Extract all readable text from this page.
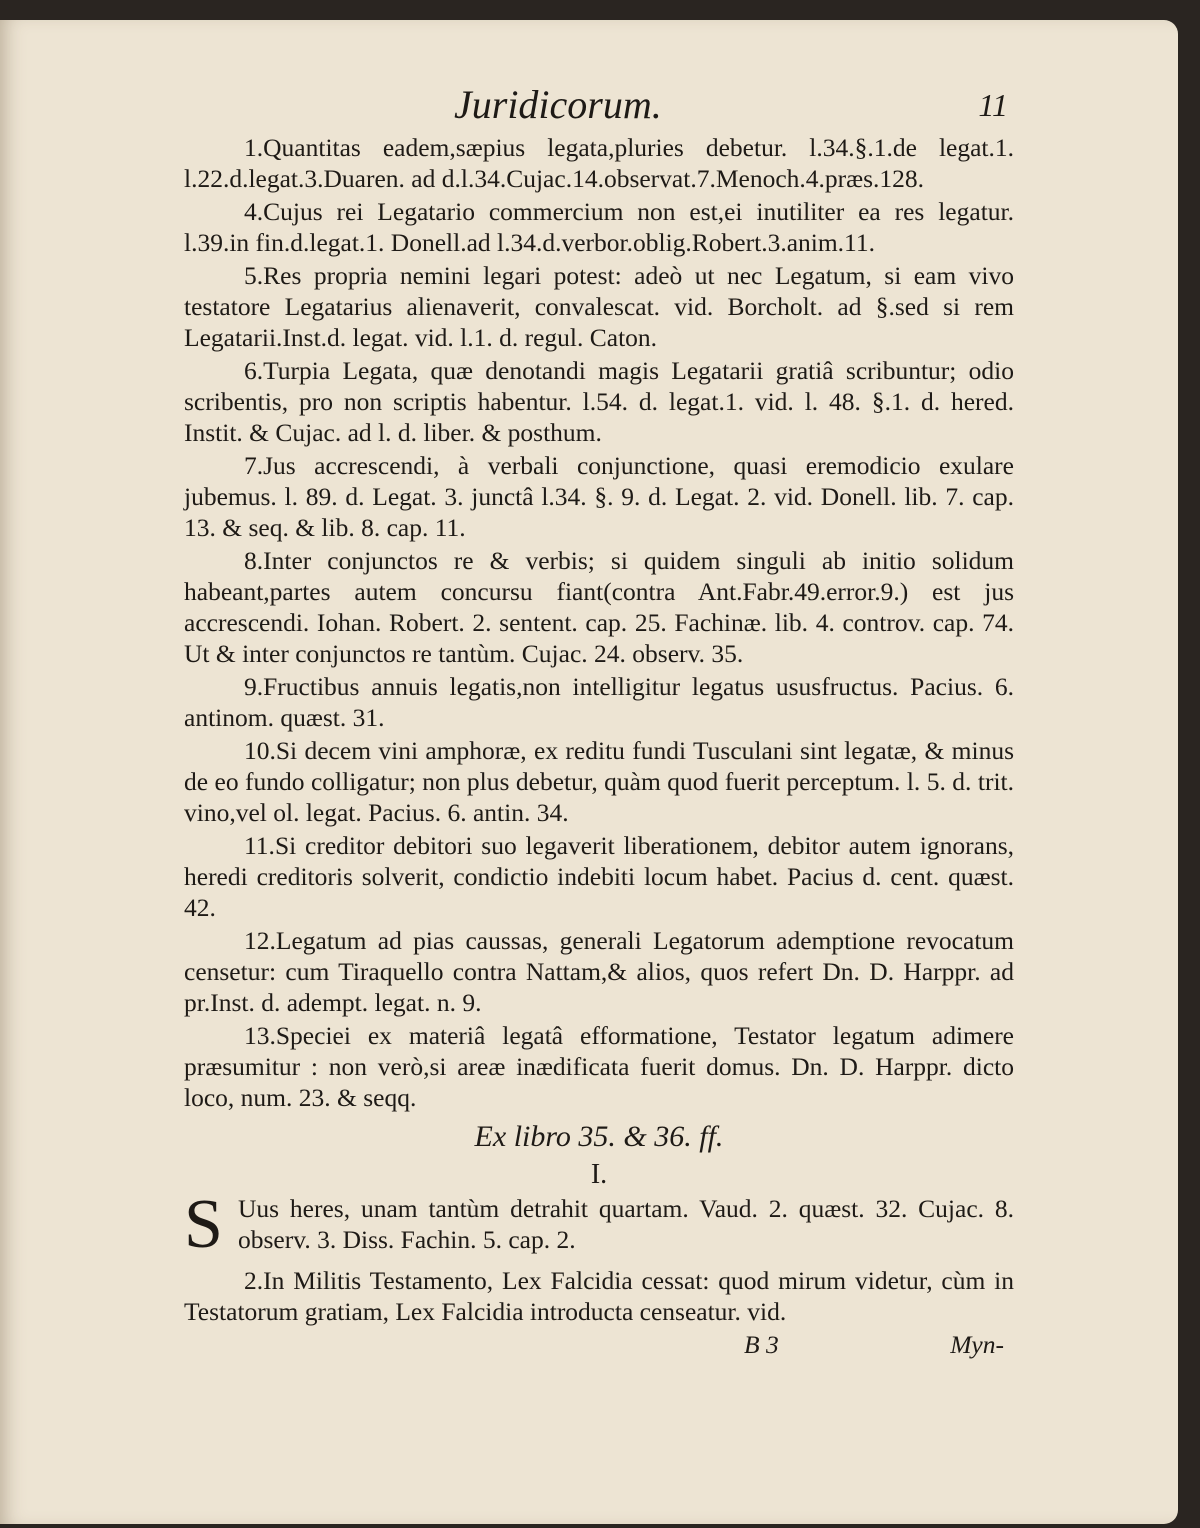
Juridicorum.	11

1.Quantitas eadem,sæpius legata,pluries debetur. l.34.§.1.de legat.1. l.22.d.legat.3.Duaren. ad d.l.34.Cujac.14.observat.7.Menoch.4.præs.128.

4.Cujus rei Legatario commercium non est,ei inutiliter ea res legatur. l.39.in fin.d.legat.1. Donell.ad l.34.d.verbor.oblig.Robert.3.anim.11.

5.Res propria nemini legari potest: adeò ut nec Legatum, si eam vivo testatore Legatarius alienaverit, convalescat. vid. Borcholt. ad §.sed si rem Legatarii.Inst.d. legat. vid. l.1. d. regul. Caton.

6.Turpia Legata, quæ denotandi magis Legatarii gratiâ scribuntur; odio scribentis, pro non scriptis habentur. l.54. d. legat.1. vid. l. 48. §.1. d. hered. Instit. & Cujac. ad l. d. liber. & posthum.

7.Jus accrescendi, à verbali conjunctione, quasi eremodicio exulare jubemus. l. 89. d. Legat. 3. junctâ l.34. §. 9. d. Legat. 2. vid. Donell. lib. 7. cap. 13. & seq. & lib. 8. cap. 11.

8.Inter conjunctos re & verbis; si quidem singuli ab initio solidum habeant,partes autem concursu fiant(contra Ant.Fabr.49.error.9.) est jus accrescendi. Iohan. Robert. 2. sentent. cap. 25. Fachinæ. lib. 4. controv. cap. 74. Ut & inter conjunctos re tantùm. Cujac. 24. observ. 35.

9.Fructibus annuis legatis,non intelligitur legatus ususfructus. Pacius. 6. antinom. quæst. 31.

10.Si decem vini amphoræ, ex reditu fundi Tusculani sint legatæ, & minus de eo fundo colligatur; non plus debetur, quàm quod fuerit perceptum. l. 5. d. trit. vino,vel ol. legat. Pacius. 6. antin. 34.

11.Si creditor debitori suo legaverit liberationem, debitor autem ignorans, heredi creditoris solverit, condictio indebiti locum habet. Pacius d. cent. quæst. 42.

12.Legatum ad pias caussas, generali Legatorum ademptione revocatum censetur: cum Tiraquello contra Nattam,& alios, quos refert Dn. D. Harppr. ad pr.Inst. d. adempt. legat. n. 9.

13.Speciei ex materiâ legatâ efformatione, Testator legatum adimere præsumitur : non verò,si areæ inædificata fuerit domus. Dn. D. Harppr. dicto loco, num. 23. & seqq.

Ex libro 35. & 36. ff.
I.
S Uus heres, unam tantùm detrahit quartam. Vaud. 2. quæst. 32. Cujac. 8. observ. 3. Diss. Fachin. 5. cap. 2.

2.In Militis Testamento, Lex Falcidia cessat: quod mirum videtur, cùm in Testatorum gratiam, Lex Falcidia introducta censeatur. vid.

B 3	Myn-
